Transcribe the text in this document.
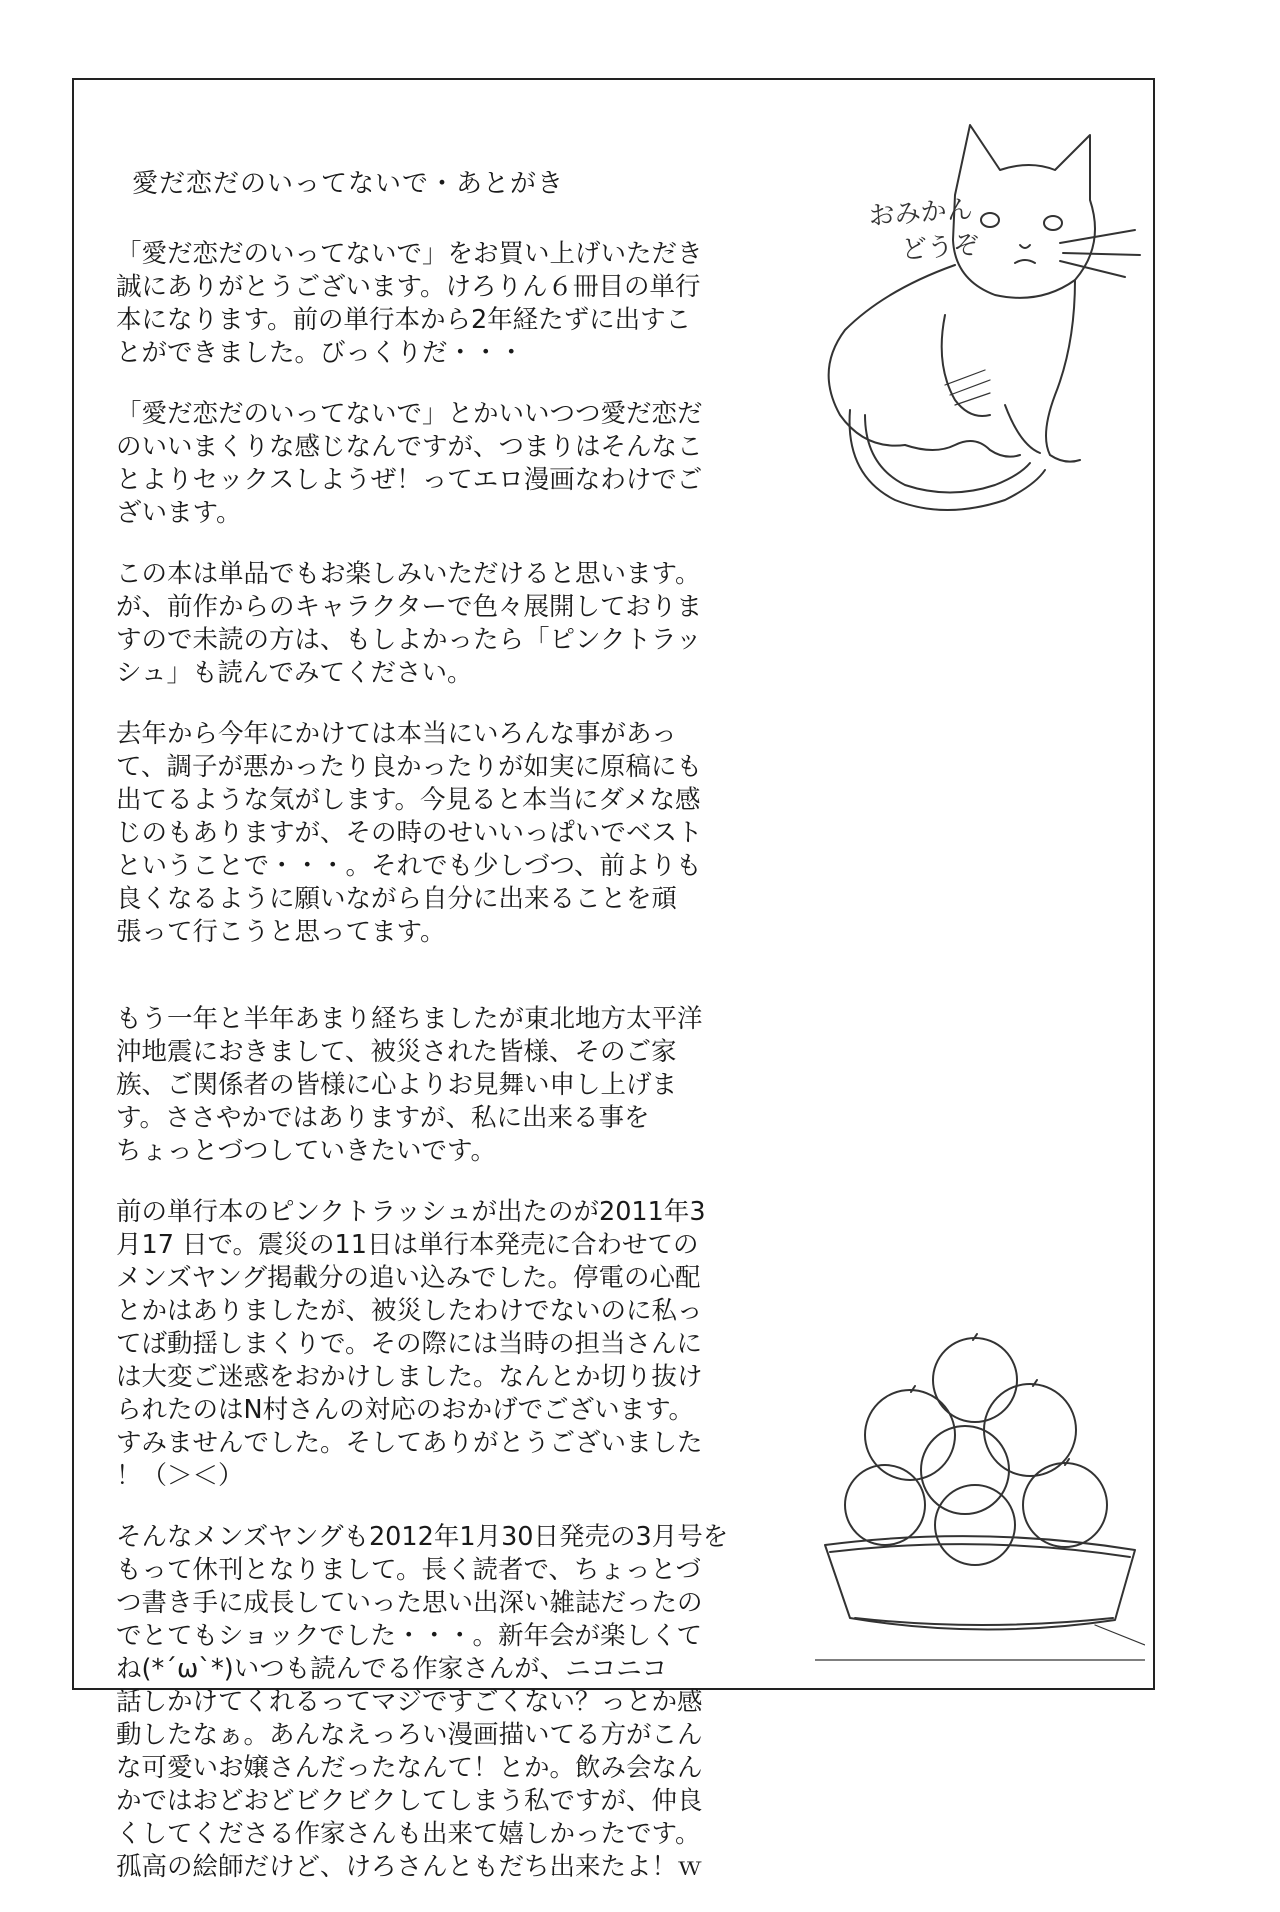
愛だ恋だのいってないで・あとがき
おみかん
どうぞ
「愛だ恋だのいってないで」をお買い上げいただき
誠にありがとうございます。けろりん６冊目の単行
本になります。前の単行本から2年経たずに出すこ
とができました。びっくりだ・・・
「愛だ恋だのいってないで」とかいいつつ愛だ恋だ
のいいまくりな感じなんですが、つまりはそんなこ
とよりセックスしようぜ！ってエロ漫画なわけでご
ざいます。
この本は単品でもお楽しみいただけると思います。
が、前作からのキャラクターで色々展開しておりま
すので未読の方は、もしよかったら「ピンクトラッ
シュ」も読んでみてください。
去年から今年にかけては本当にいろんな事があっ
て、調子が悪かったり良かったりが如実に原稿にも
出てるような気がします。今見ると本当にダメな感
じのもありますが、その時のせいいっぱいでベスト
ということで・・・。それでも少しづつ、前よりも
良くなるように願いながら自分に出来ることを頑
張って行こうと思ってます。
もう一年と半年あまり経ちましたが東北地方太平洋
沖地震におきまして、被災された皆様、そのご家
族、ご関係者の皆様に心よりお見舞い申し上げま
す。ささやかではありますが、私に出来る事を
ちょっとづつしていきたいです。
前の単行本のピンクトラッシュが出たのが2011年3
月17 日で。震災の11日は単行本発売に合わせての
メンズヤング掲載分の追い込みでした。停電の心配
とかはありましたが、被災したわけでないのに私っ
てば動揺しまくりで。その際には当時の担当さんに
は大変ご迷惑をおかけしました。なんとか切り抜け
られたのはN村さんの対応のおかげでございます。
すみませんでした。そしてありがとうございました
！（＞＜）
そんなメンズヤングも2012年1月30日発売の3月号を
もって休刊となりまして。長く読者で、ちょっとづ
つ書き手に成長していった思い出深い雑誌だったの
でとてもショックでした・・・。新年会が楽しくて
ね(*´ω`*)いつも読んでる作家さんが、ニコニコ
話しかけてくれるってマジですごくない？っとか感
動したなぁ。あんなえっろい漫画描いてる方がこん
な可愛いお嬢さんだったなんて！とか。飲み会なん
かではおどおどビクビクしてしまう私ですが、仲良
くしてくださる作家さんも出来て嬉しかったです。
孤高の絵師だけど、けろさんともだち出来たよ！ｗ
